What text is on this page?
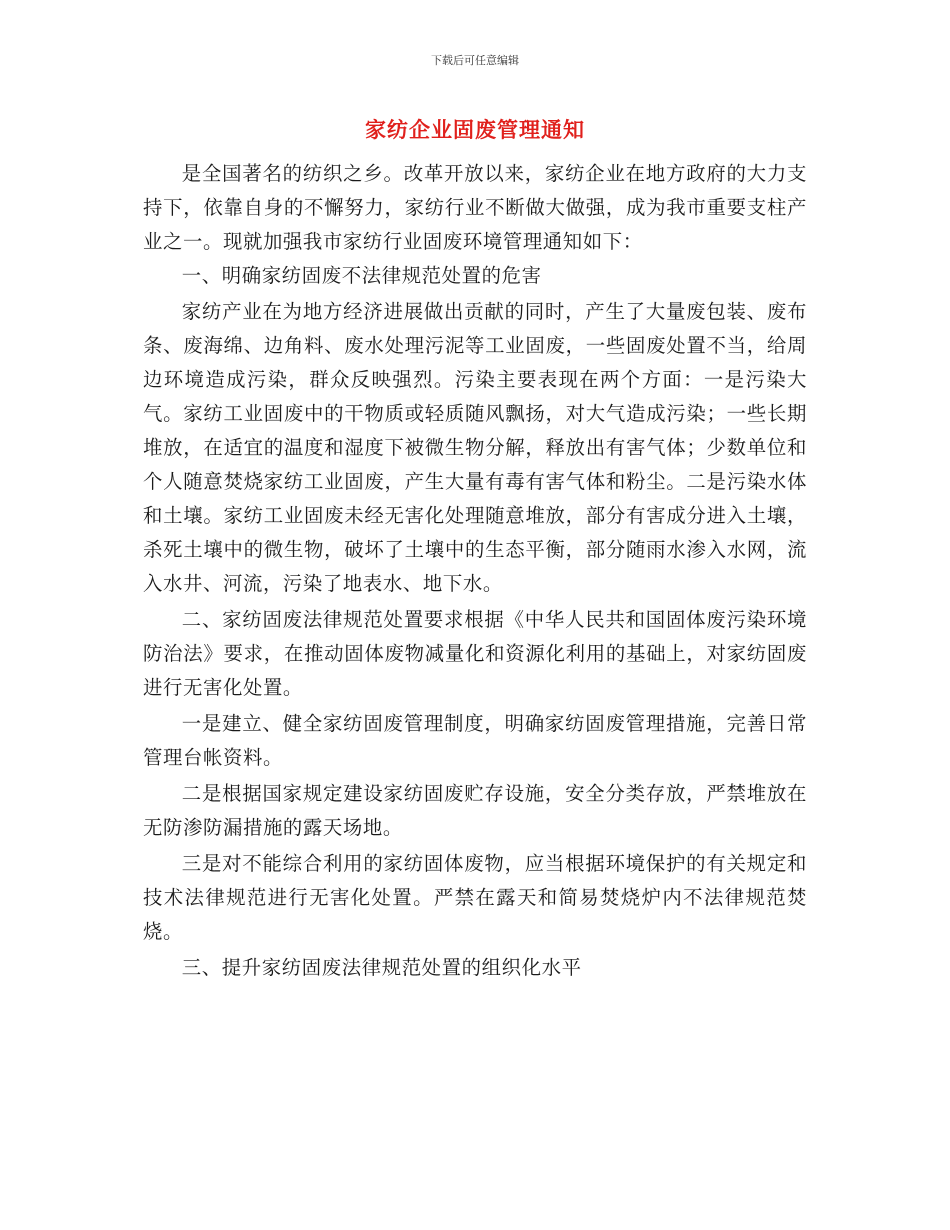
下载后可任意编辑
家纺企业固废管理通知

是全国著名的纺织之乡。改革开放以来，家纺企业在地方政府的大力支持下，依靠自身的不懈努力，家纺行业不断做大做强，成为我市重要支柱产业之一。现就加强我市家纺行业固废环境管理通知如下：

一、明确家纺固废不法律规范处置的危害

家纺产业在为地方经济进展做出贡献的同时，产生了大量废包装、废布条、废海绵、边角料、废水处理污泥等工业固废，一些固废处置不当，给周边环境造成污染，群众反映强烈。污染主要表现在两个方面：一是污染大气。家纺工业固废中的干物质或轻质随风飘扬，对大气造成污染；一些长期堆放，在适宜的温度和湿度下被微生物分解，释放出有害气体；少数单位和个人随意焚烧家纺工业固废，产生大量有毒有害气体和粉尘。二是污染水体和土壤。家纺工业固废未经无害化处理随意堆放，部分有害成分进入土壤，杀死土壤中的微生物，破坏了土壤中的生态平衡，部分随雨水渗入水网，流入水井、河流，污染了地表水、地下水。

二、家纺固废法律规范处置要求根据《中华人民共和国固体废污染环境防治法》要求，在推动固体废物减量化和资源化利用的基础上，对家纺固废进行无害化处置。

一是建立、健全家纺固废管理制度，明确家纺固废管理措施，完善日常管理台帐资料。

二是根据国家规定建设家纺固废贮存设施，安全分类存放，严禁堆放在无防渗防漏措施的露天场地。

三是对不能综合利用的家纺固体废物，应当根据环境保护的有关规定和技术法律规范进行无害化处置。严禁在露天和简易焚烧炉内不法律规范焚烧。

三、提升家纺固废法律规范处置的组织化水平
